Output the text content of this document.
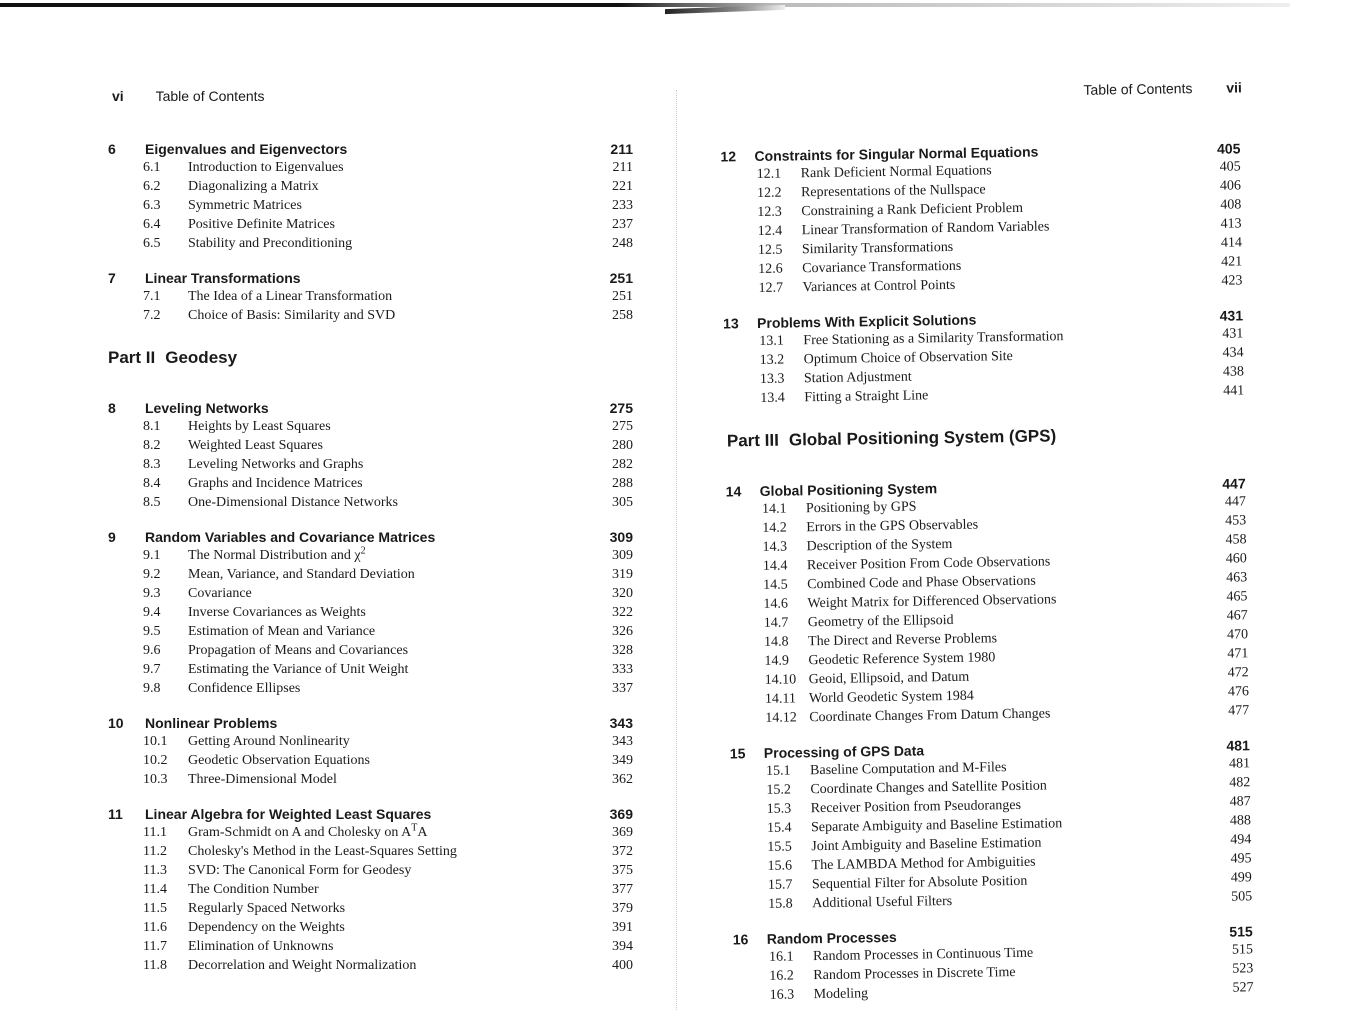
vi Table of Contents
6 Eigenvalues and Eigenvectors	211
6.1 Introduction to Eigenvalues	211
6.2 Diagonalizing a Matrix	221
6.3 Symmetric Matrices	233
6.4 Positive Definite Matrices	237
6.5 Stability and Preconditioning	248
7 Linear Transformations	251
7.1 The Idea of a Linear Transformation	251
7.2 Choice of Basis: Similarity and SVD	258
Part II Geodesy
8 Leveling Networks	275
8.1 Heights by Least Squares	275
8.2 Weighted Least Squares	280
8.3 Leveling Networks and Graphs	282
8.4 Graphs and Incidence Matrices	288
8.5 One-Dimensional Distance Networks	305
9 Random Variables and Covariance Matrices	309
9.1 The Normal Distribution and $\chi^2$	309
9.2 Mean, Variance, and Standard Deviation	319
9.3 Covariance	320
9.4 Inverse Covariances as Weights	322
9.5 Estimation of Mean and Variance	326
9.6 Propagation of Means and Covariances	328
9.7 Estimating the Variance of Unit Weight	333
9.8 Confidence Ellipses	337
10 Nonlinear Problems	343
10.1 Getting Around Nonlinearity	343
10.2 Geodetic Observation Equations	349
10.3 Three-Dimensional Model	362
11 Linear Algebra for Weighted Least Squares	369
11.1 Gram-Schmidt on A and Cholesky on $A^TA$	369
11.2 Cholesky's Method in the Least-Squares Setting	372
11.3 SVD: The Canonical Form for Geodesy	375
11.4 The Condition Number	377
11.5 Regularly Spaced Networks	379
11.6 Dependency on the Weights	391
11.7 Elimination of Unknowns	394
11.8 Decorrelation and Weight Normalization	400
Table of Contents vii
12 Constraints for Singular Normal Equations	405
12.1 Rank Deficient Normal Equations	405
12.2 Representations of the Nullspace	406
12.3 Constraining a Rank Deficient Problem	408
12.4 Linear Transformation of Random Variables	413
12.5 Similarity Transformations	414
12.6 Covariance Transformations	421
12.7 Variances at Control Points	423
13 Problems With Explicit Solutions	431
13.1 Free Stationing as a Similarity Transformation	431
13.2 Optimum Choice of Observation Site	434
13.3 Station Adjustment	438
13.4 Fitting a Straight Line	441
Part III Global Positioning System (GPS)
14 Global Positioning System	447
14.1 Positioning by GPS	447
14.2 Errors in the GPS Observables	453
14.3 Description of the System	458
14.4 Receiver Position From Code Observations	460
14.5 Combined Code and Phase Observations	463
14.6 Weight Matrix for Differenced Observations	465
14.7 Geometry of the Ellipsoid	467
14.8 The Direct and Reverse Problems	470
14.9 Geodetic Reference System 1980	471
14.10 Geoid, Ellipsoid, and Datum	472
14.11 World Geodetic System 1984	476
14.12 Coordinate Changes From Datum Changes	477
15 Processing of GPS Data	481
15.1 Baseline Computation and M-Files	481
15.2 Coordinate Changes and Satellite Position	482
15.3 Receiver Position from Pseudoranges	487
15.4 Separate Ambiguity and Baseline Estimation	488
15.5 Joint Ambiguity and Baseline Estimation	494
15.6 The LAMBDA Method for Ambiguities	495
15.7 Sequential Filter for Absolute Position	499
15.8 Additional Useful Filters	505
16 Random Processes	515
16.1 Random Processes in Continuous Time	515
16.2 Random Processes in Discrete Time	523
16.3 Modeling	527
